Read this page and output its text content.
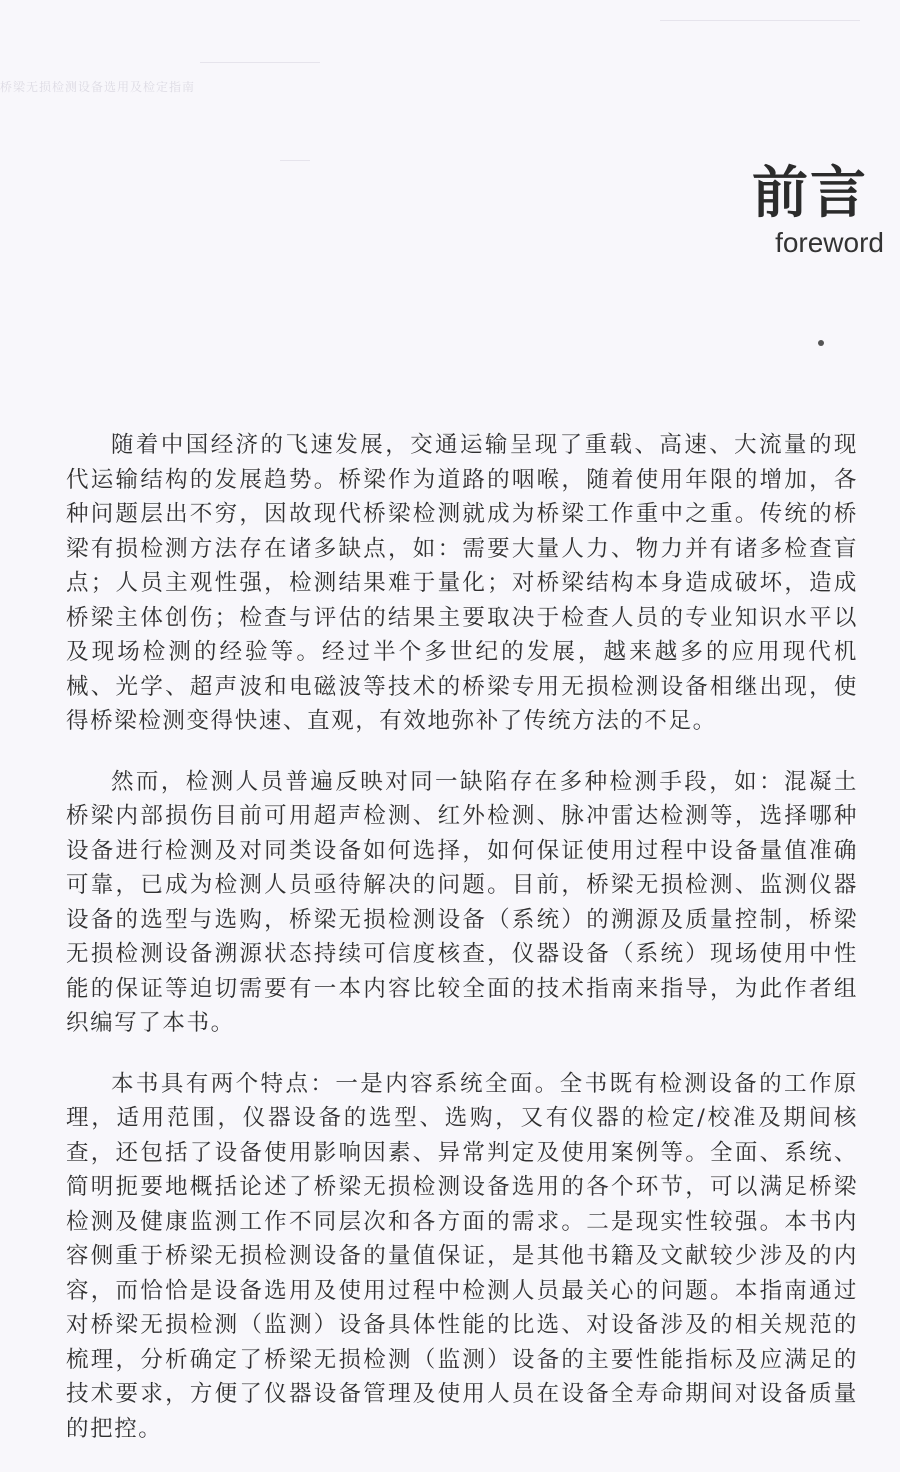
桥梁无损检测设备选用及检定指南
前言
foreword

随着中国经济的飞速发展，交通运输呈现了重载、高速、大流量的现代运输结构的发展趋势。桥梁作为道路的咽喉，随着使用年限的增加，各种问题层出不穷，因故现代桥梁检测就成为桥梁工作重中之重。传统的桥梁有损检测方法存在诸多缺点，如：需要大量人力、物力并有诸多检查盲点；人员主观性强，检测结果难于量化；对桥梁结构本身造成破坏，造成桥梁主体创伤；检查与评估的结果主要取决于检查人员的专业知识水平以及现场检测的经验等。经过半个多世纪的发展，越来越多的应用现代机械、光学、超声波和电磁波等技术的桥梁专用无损检测设备相继出现，使得桥梁检测变得快速、直观，有效地弥补了传统方法的不足。

然而，检测人员普遍反映对同一缺陷存在多种检测手段，如：混凝土桥梁内部损伤目前可用超声检测、红外检测、脉冲雷达检测等，选择哪种设备进行检测及对同类设备如何选择，如何保证使用过程中设备量值准确可靠，已成为检测人员亟待解决的问题。目前，桥梁无损检测、监测仪器设备的选型与选购，桥梁无损检测设备（系统）的溯源及质量控制，桥梁无损检测设备溯源状态持续可信度核查，仪器设备（系统）现场使用中性能的保证等迫切需要有一本内容比较全面的技术指南来指导，为此作者组织编写了本书。

本书具有两个特点：一是内容系统全面。全书既有检测设备的工作原理，适用范围，仪器设备的选型、选购，又有仪器的检定/校准及期间核查，还包括了设备使用影响因素、异常判定及使用案例等。全面、系统、简明扼要地概括论述了桥梁无损检测设备选用的各个环节，可以满足桥梁检测及健康监测工作不同层次和各方面的需求。二是现实性较强。本书内容侧重于桥梁无损检测设备的量值保证，是其他书籍及文献较少涉及的内容，而恰恰是设备选用及使用过程中检测人员最关心的问题。本指南通过对桥梁无损检测（监测）设备具体性能的比选、对设备涉及的相关规范的梳理，分析确定了桥梁无损检测（监测）设备的主要性能指标及应满足的技术要求，方便了仪器设备管理及使用人员在设备全寿命期间对设备质量的把控。
